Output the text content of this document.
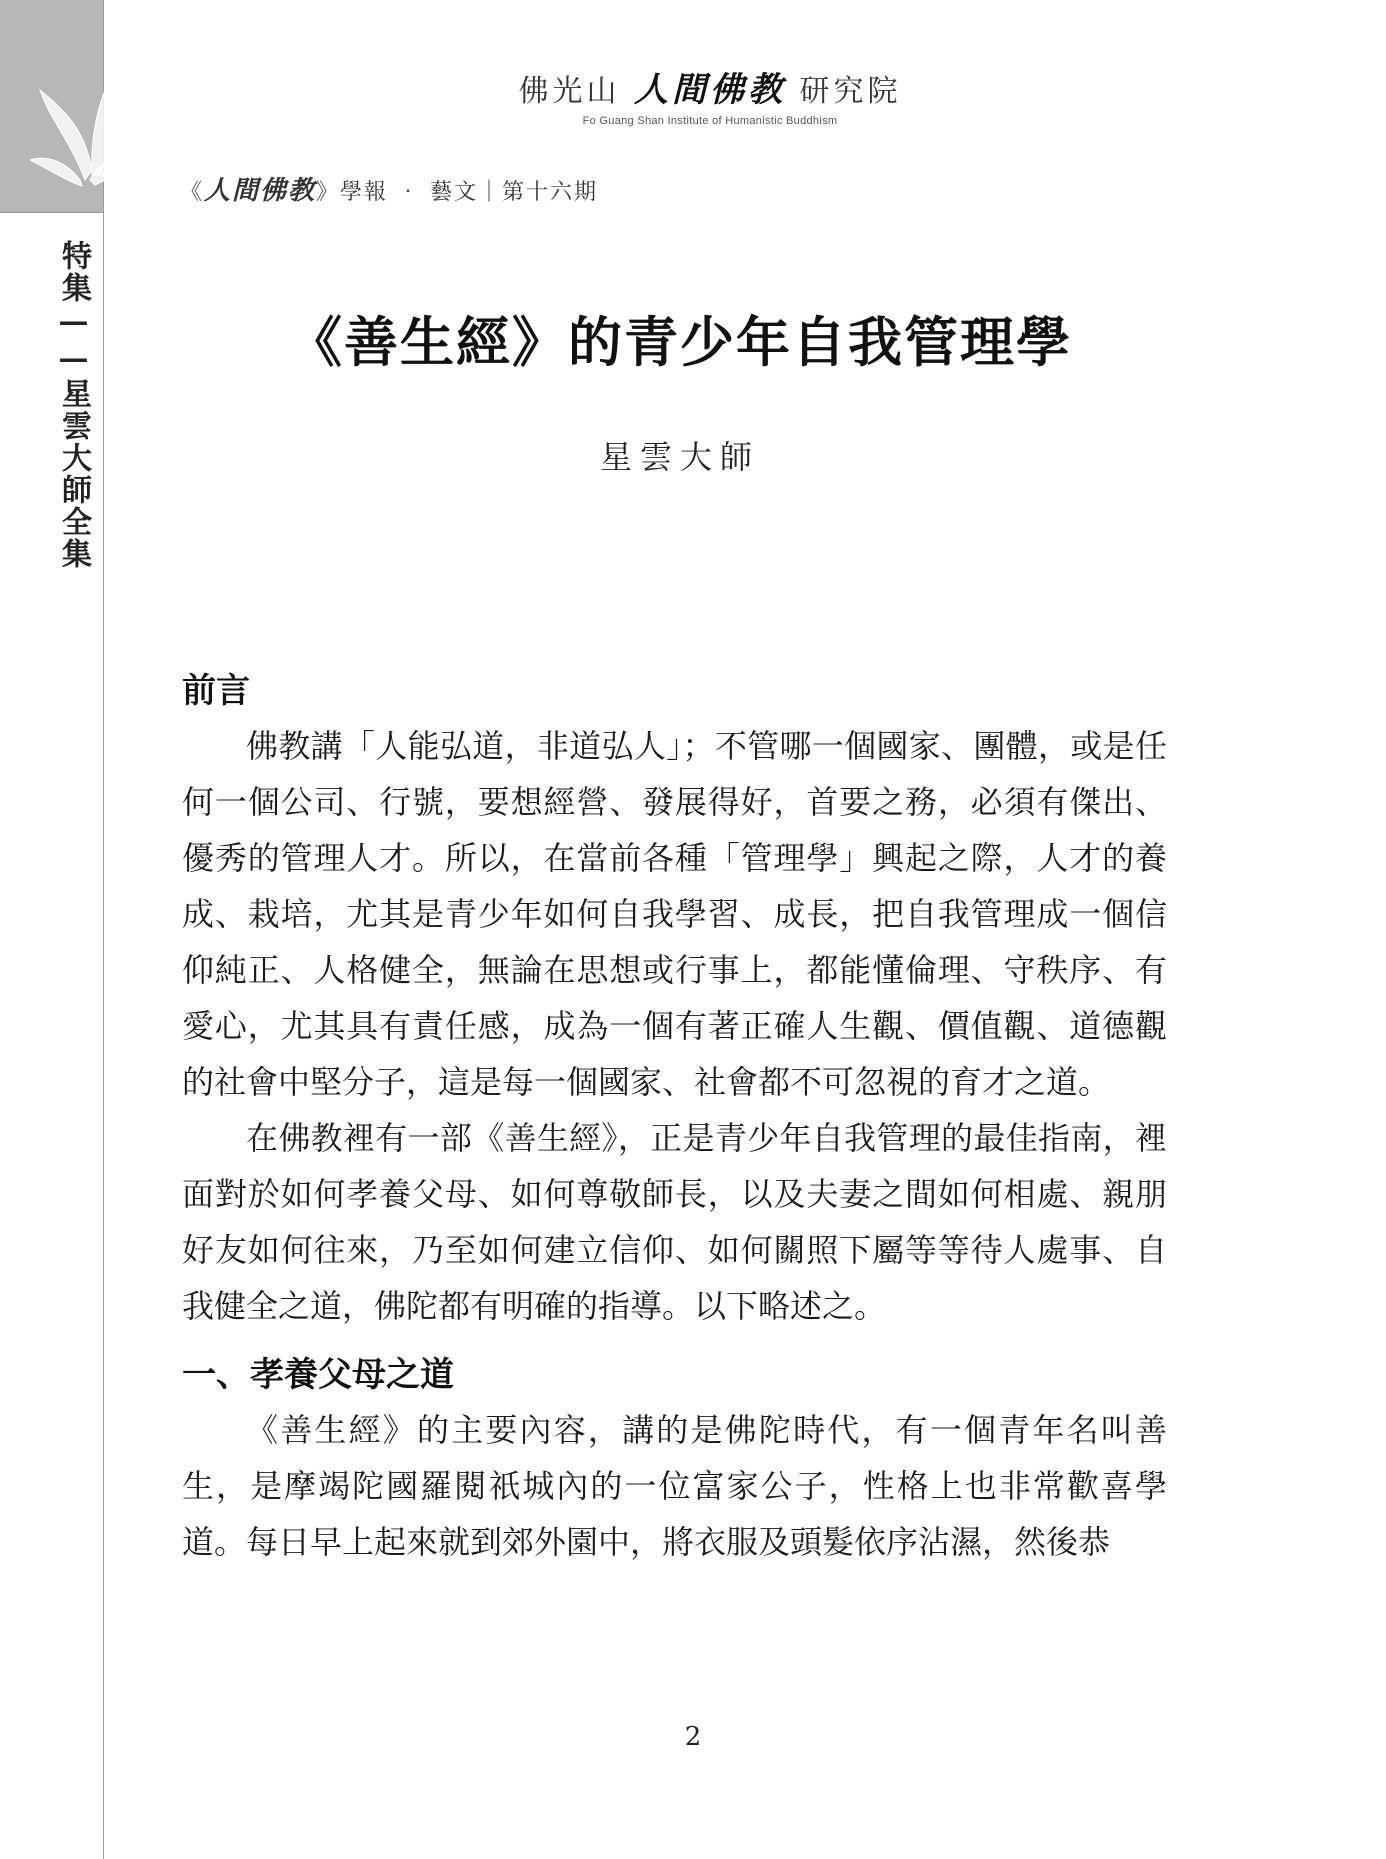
特集——星雲大師全集
佛光山 人間佛教 研究院
Fo Guang Shan Institute of Humanistic Buddhism
《人間佛教》學報 ‧ 藝文｜第十六期
《善生經》的青少年自我管理學
星雲大師
前言

佛教講「人能弘道，非道弘人」；不管哪一個國家、團體，或是任何一個公司、行號，要想經營、發展得好，首要之務，必須有傑出、優秀的管理人才。所以，在當前各種「管理學」興起之際，人才的養成、栽培，尤其是青少年如何自我學習、成長，把自我管理成一個信仰純正、人格健全，無論在思想或行事上，都能懂倫理、守秩序、有愛心，尤其具有責任感，成為一個有著正確人生觀、價值觀、道德觀的社會中堅分子，這是每一個國家、社會都不可忽視的育才之道。

在佛教裡有一部《善生經》，正是青少年自我管理的最佳指南，裡面對於如何孝養父母、如何尊敬師長，以及夫妻之間如何相處、親朋好友如何往來，乃至如何建立信仰、如何關照下屬等等待人處事、自我健全之道，佛陀都有明確的指導。以下略述之。

一、孝養父母之道

《善生經》的主要內容，講的是佛陀時代，有一個青年名叫善生，是摩竭陀國羅閱祇城內的一位富家公子，性格上也非常歡喜學道。每日早上起來就到郊外園中，將衣服及頭髮依序沾濕，然後恭

2
